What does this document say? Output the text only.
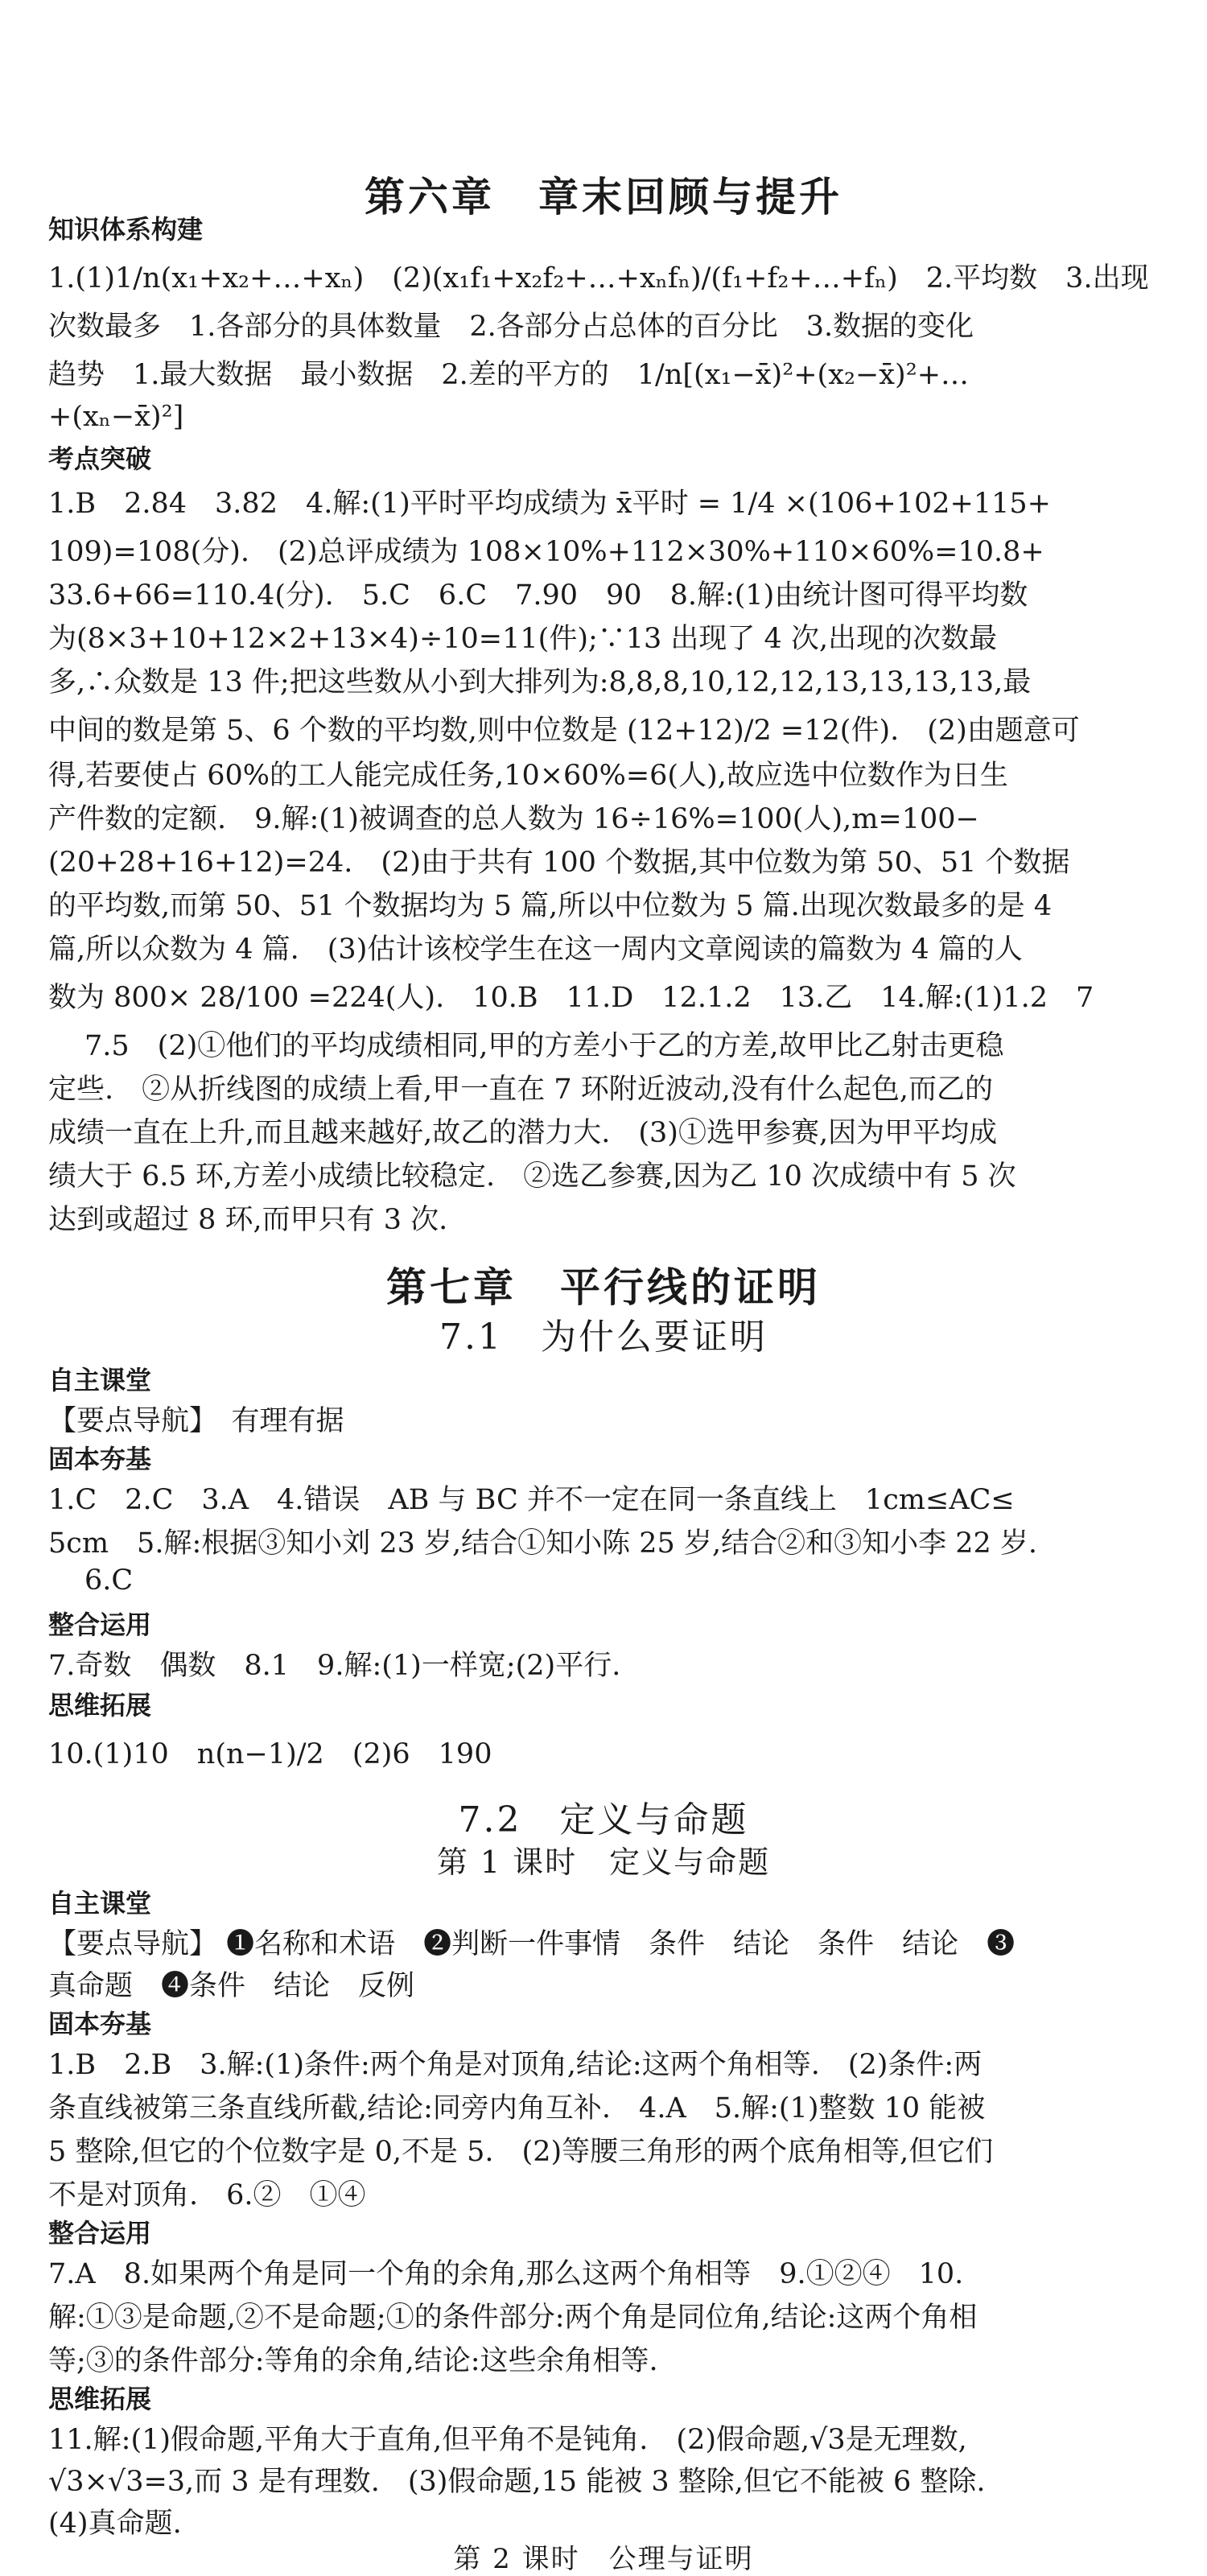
第六章　章末回顾与提升
知识体系构建
1.(1)1/n(x₁+x₂+…+xₙ)　(2)(x₁f₁+x₂f₂+…+xₙfₙ)/(f₁+f₂+…+fₙ)　2.平均数　3.出现
次数最多　1.各部分的具体数量　2.各部分占总体的百分比　3.数据的变化
趋势　1.最大数据　最小数据　2.差的平方的　1/n[(x₁−x̄)²+(x₂−x̄)²+…
+(xₙ−x̄)²]
考点突破
1.B　2.84　3.82　4.解:(1)平时平均成绩为 x̄平时 = 1/4 ×(106+102+115+
109)=108(分).　(2)总评成绩为 108×10%+112×30%+110×60%=10.8+
33.6+66=110.4(分).　5.C　6.C　7.90　90　8.解:(1)由统计图可得平均数
为(8×3+10+12×2+13×4)÷10=11(件);∵13 出现了 4 次,出现的次数最
多,∴众数是 13 件;把这些数从小到大排列为:8,8,8,10,12,12,13,13,13,13,最
中间的数是第 5、6 个数的平均数,则中位数是 (12+12)/2 =12(件).　(2)由题意可
得,若要使占 60%的工人能完成任务,10×60%=6(人),故应选中位数作为日生
产件数的定额.　9.解:(1)被调查的总人数为 16÷16%=100(人),m=100−
(20+28+16+12)=24.　(2)由于共有 100 个数据,其中位数为第 50、51 个数据
的平均数,而第 50、51 个数据均为 5 篇,所以中位数为 5 篇.出现次数最多的是 4
篇,所以众数为 4 篇.　(3)估计该校学生在这一周内文章阅读的篇数为 4 篇的人
数为 800× 28/100 =224(人).　10.B　11.D　12.1.2　13.乙　14.解:(1)1.2　7
7.5　(2)①他们的平均成绩相同,甲的方差小于乙的方差,故甲比乙射击更稳
定些.　②从折线图的成绩上看,甲一直在 7 环附近波动,没有什么起色,而乙的
成绩一直在上升,而且越来越好,故乙的潜力大.　(3)①选甲参赛,因为甲平均成
绩大于 6.5 环,方差小成绩比较稳定.　②选乙参赛,因为乙 10 次成绩中有 5 次
达到或超过 8 环,而甲只有 3 次.
第七章　平行线的证明
7.1　为什么要证明
自主课堂
【要点导航】　有理有据
固本夯基
1.C　2.C　3.A　4.错误　AB 与 BC 并不一定在同一条直线上　1cm≤AC≤
5cm　5.解:根据③知小刘 23 岁,结合①知小陈 25 岁,结合②和③知小李 22 岁.
6.C
整合运用
7.奇数　偶数　8.1　9.解:(1)一样宽;(2)平行.
思维拓展
10.(1)10　n(n−1)/2　(2)6　190
7.2　定义与命题
第 1 课时　定义与命题
自主课堂
【要点导航】 ❶名称和术语　❷判断一件事情　条件　结论　条件　结论　❸
真命题　❹条件　结论　反例
固本夯基
1.B　2.B　3.解:(1)条件:两个角是对顶角,结论:这两个角相等.　(2)条件:两
条直线被第三条直线所截,结论:同旁内角互补.　4.A　5.解:(1)整数 10 能被
5 整除,但它的个位数字是 0,不是 5.　(2)等腰三角形的两个底角相等,但它们
不是对顶角.　6.②　①④
整合运用
7.A　8.如果两个角是同一个角的余角,那么这两个角相等　9.①②④　10.
解:①③是命题,②不是命题;①的条件部分:两个角是同位角,结论:这两个角相
等;③的条件部分:等角的余角,结论:这些余角相等.
思维拓展
11.解:(1)假命题,平角大于直角,但平角不是钝角.　(2)假命题,√3是无理数,
√3×√3=3,而 3 是有理数.　(3)假命题,15 能被 3 整除,但它不能被 6 整除.
(4)真命题.
第 2 课时　公理与证明
